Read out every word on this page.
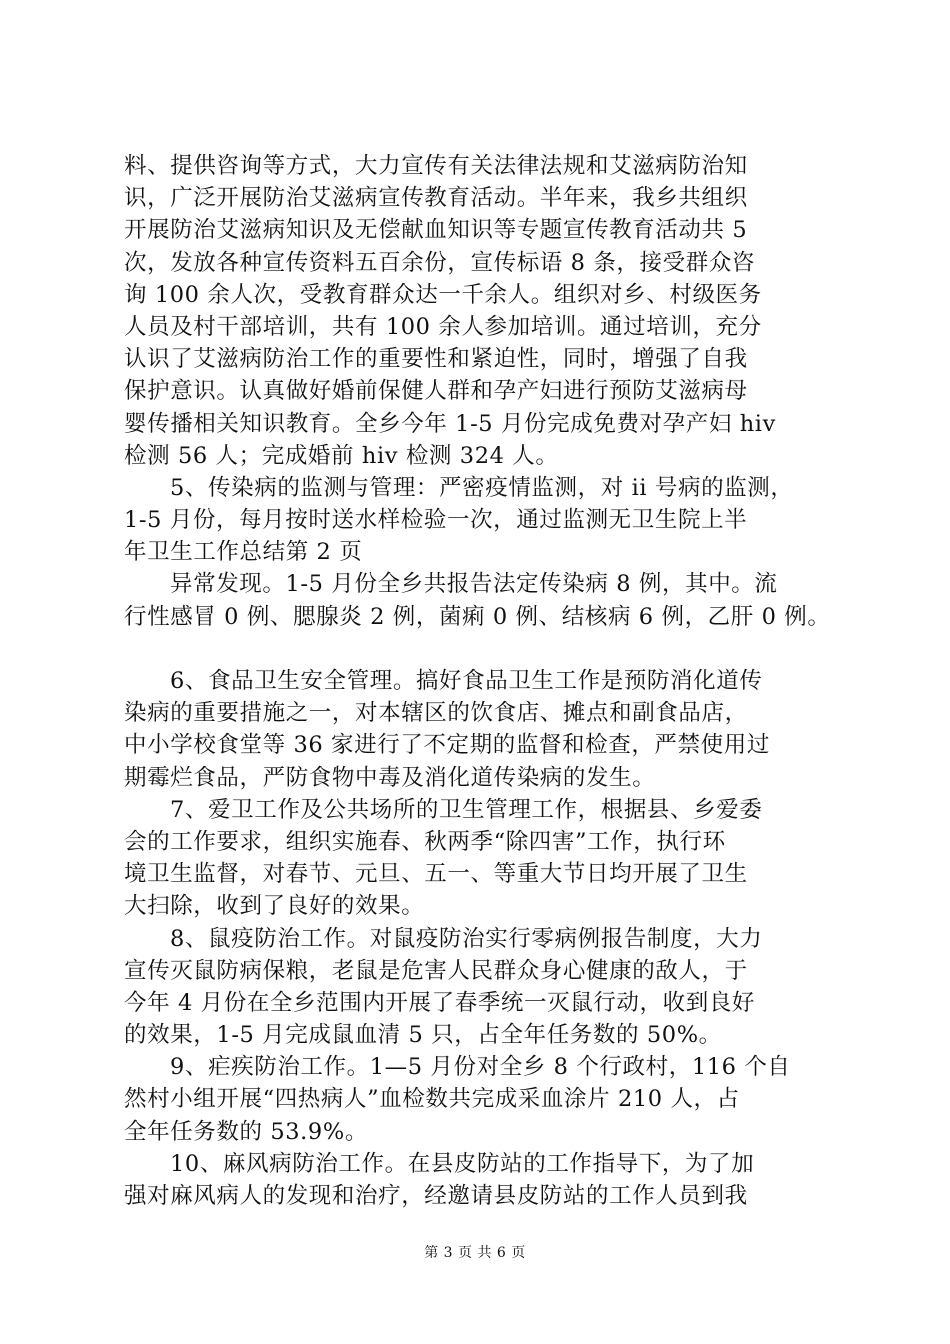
料、提供咨询等方式，大力宣传有关法律法规和艾滋病防治知
识，广泛开展防治艾滋病宣传教育活动。半年来，我乡共组织
开展防治艾滋病知识及无偿献血知识等专题宣传教育活动共 5
次，发放各种宣传资料五百余份，宣传标语 8 条，接受群众咨
询 100 余人次，受教育群众达一千余人。组织对乡、村级医务
人员及村干部培训，共有 100 余人参加培训。通过培训，充分
认识了艾滋病防治工作的重要性和紧迫性，同时，增强了自我
保护意识。认真做好婚前保健人群和孕产妇进行预防艾滋病母
婴传播相关知识教育。全乡今年 1-5 月份完成免费对孕产妇 hiv
检测 56 人；完成婚前 hiv 检测 324 人。
5、传染病的监测与管理：严密疫情监测，对 ii 号病的监测，
1-5 月份，每月按时送水样检验一次，通过监测无卫生院上半
年卫生工作总结第 2 页
异常发现。1-5 月份全乡共报告法定传染病 8 例，其中。流
行性感冒 0 例、腮腺炎 2 例，菌痢 0 例、结核病 6 例，乙肝 0 例。
6、食品卫生安全管理。搞好食品卫生工作是预防消化道传
染病的重要措施之一，对本辖区的饮食店、摊点和副食品店，
中小学校食堂等 36 家进行了不定期的监督和检查，严禁使用过
期霉烂食品，严防食物中毒及消化道传染病的发生。
7、爱卫工作及公共场所的卫生管理工作，根据县、乡爱委
会的工作要求，组织实施春、秋两季“除四害”工作，执行环
境卫生监督，对春节、元旦、五一、等重大节日均开展了卫生
大扫除，收到了良好的效果。
8、鼠疫防治工作。对鼠疫防治实行零病例报告制度，大力
宣传灭鼠防病保粮，老鼠是危害人民群众身心健康的敌人，于
今年 4 月份在全乡范围内开展了春季统一灭鼠行动，收到良好
的效果，1-5 月完成鼠血清 5 只，占全年任务数的 50%。
9、疟疾防治工作。1—5 月份对全乡 8 个行政村，116 个自
然村小组开展“四热病人”血检数共完成采血涂片 210 人，占
全年任务数的 53.9%。
10、麻风病防治工作。在县皮防站的工作指导下，为了加
强对麻风病人的发现和治疗，经邀请县皮防站的工作人员到我
第 3 页 共 6 页
